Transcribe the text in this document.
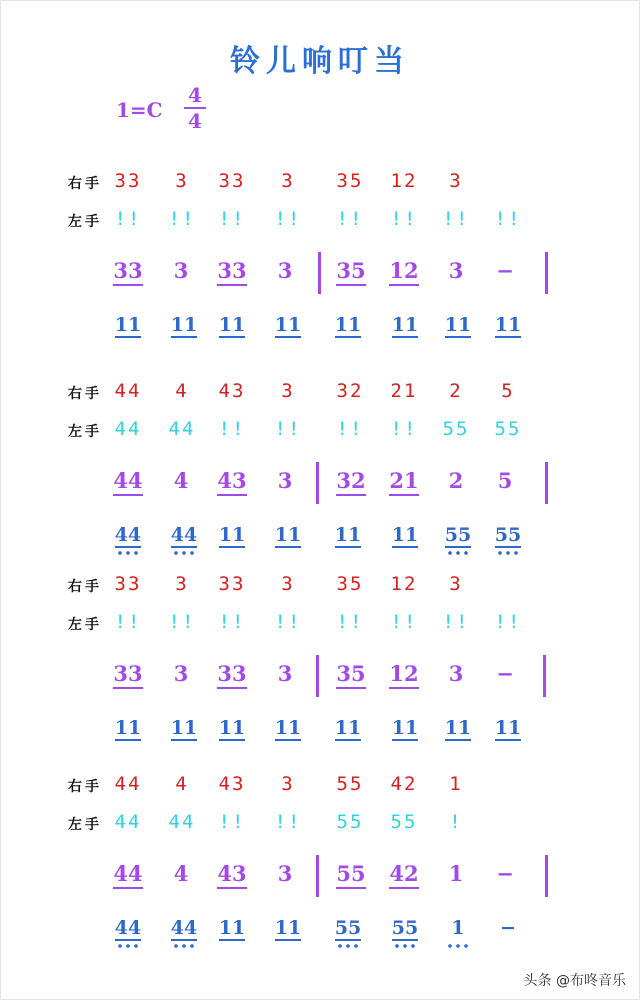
铃儿响叮当
1=C
4
4
右手
左手
33	3	33	3	35	12	3
!!	!!	!!	!!	!!	!!	!!	!!
33	3	33	3	35	12	3	−
11	11	11	11	11	11	11	11
右手
左手
44	4	43	3	32	21	2	5
44	44	!!	!!	!!	!!	55	55
44	4	43	3	32	21	2	5
44	44	11	11	11	11	55	55
右手
左手
33	3	33	3	35	12	3
!!	!!	!!	!!	!!	!!	!!	!!
33	3	33	3	35	12	3	−
11	11	11	11	11	11	11	11
右手
左手
44	4	43	3	55	42	1
44	44	!!	!!	55	55	!
44	4	43	3	55	42	1	−
44	44	11	11	55	55	1	−
头条 @布咚音乐
